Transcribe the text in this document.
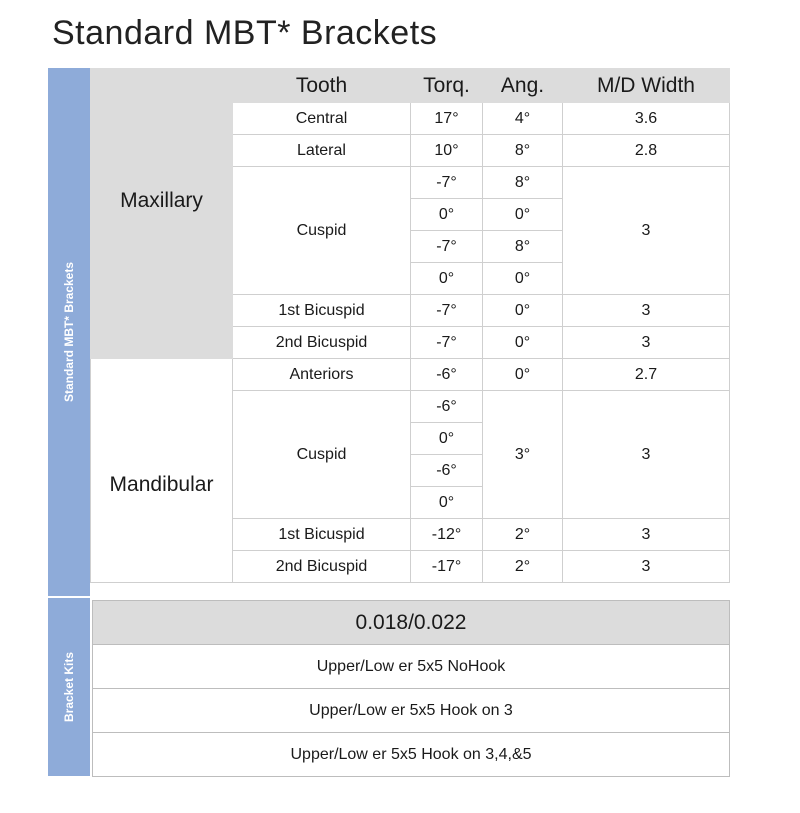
Standard MBT* Brackets
Standard MBT* Brackets
Bracket Kits
	Tooth	Torq.	Ang.	M/D Width
Maxillary	Central	17°	4°	3.6
	Lateral	10°	8°	2.8
	Cuspid	-7°	8°	3
		0°	0°	
		-7°	8°	
		0°	0°	
	1st Bicuspid	-7°	0°	3
	2nd Bicuspid	-7°	0°	3
Mandibular	Anteriors	-6°	0°	2.7
	Cuspid	-6°	3°	3
		0°		
		-6°		
		0°		
	1st Bicuspid	-12°	2°	3
	2nd Bicuspid	-17°	2°	3
0.018/0.022
Upper/Low er 5x5 NoHook
Upper/Low er 5x5 Hook on 3
Upper/Low er 5x5 Hook on 3,4,&5
